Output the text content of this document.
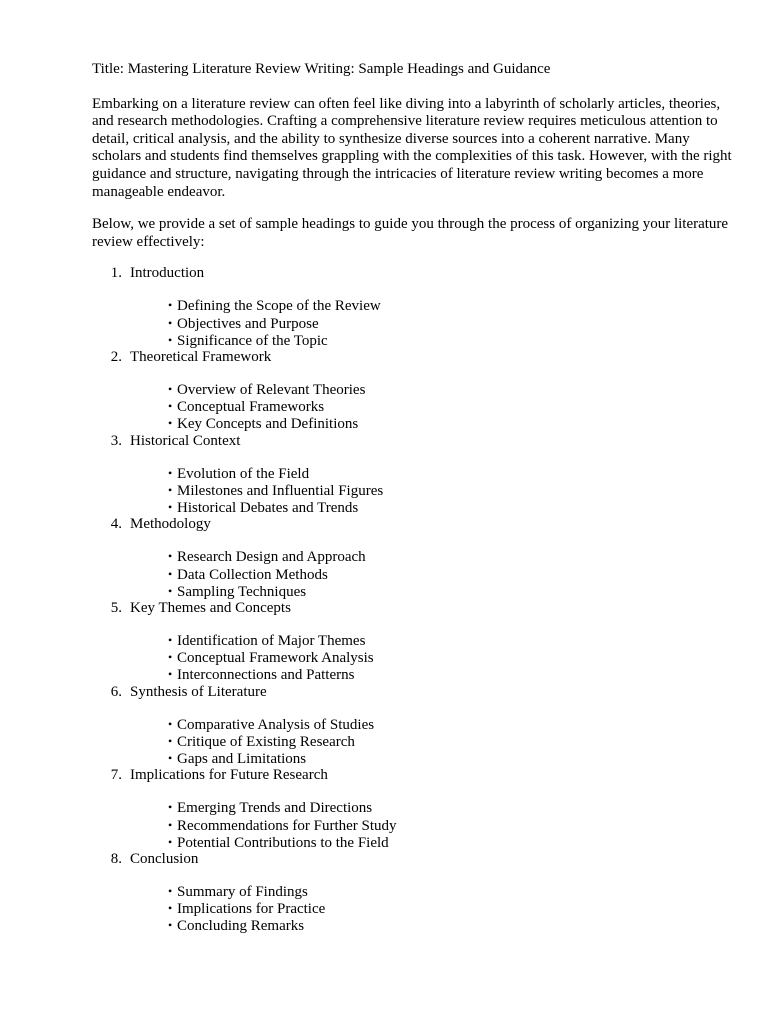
Title: Mastering Literature Review Writing: Sample Headings and Guidance

Embarking on a literature review can often feel like diving into a labyrinth of scholarly articles, theories, and research methodologies. Crafting a comprehensive literature review requires meticulous attention to detail, critical analysis, and the ability to synthesize diverse sources into a coherent narrative. Many scholars and students find themselves grappling with the complexities of this task. However, with the right guidance and structure, navigating through the intricacies of literature review writing becomes a more manageable endeavor.

Below, we provide a set of sample headings to guide you through the process of organizing your literature review effectively:

1. Introduction
• Defining the Scope of the Review
• Objectives and Purpose
• Significance of the Topic
2. Theoretical Framework
• Overview of Relevant Theories
• Conceptual Frameworks
• Key Concepts and Definitions
3. Historical Context
• Evolution of the Field
• Milestones and Influential Figures
• Historical Debates and Trends
4. Methodology
• Research Design and Approach
• Data Collection Methods
• Sampling Techniques
5. Key Themes and Concepts
• Identification of Major Themes
• Conceptual Framework Analysis
• Interconnections and Patterns
6. Synthesis of Literature
• Comparative Analysis of Studies
• Critique of Existing Research
• Gaps and Limitations
7. Implications for Future Research
• Emerging Trends and Directions
• Recommendations for Further Study
• Potential Contributions to the Field
8. Conclusion
• Summary of Findings
• Implications for Practice
• Concluding Remarks
